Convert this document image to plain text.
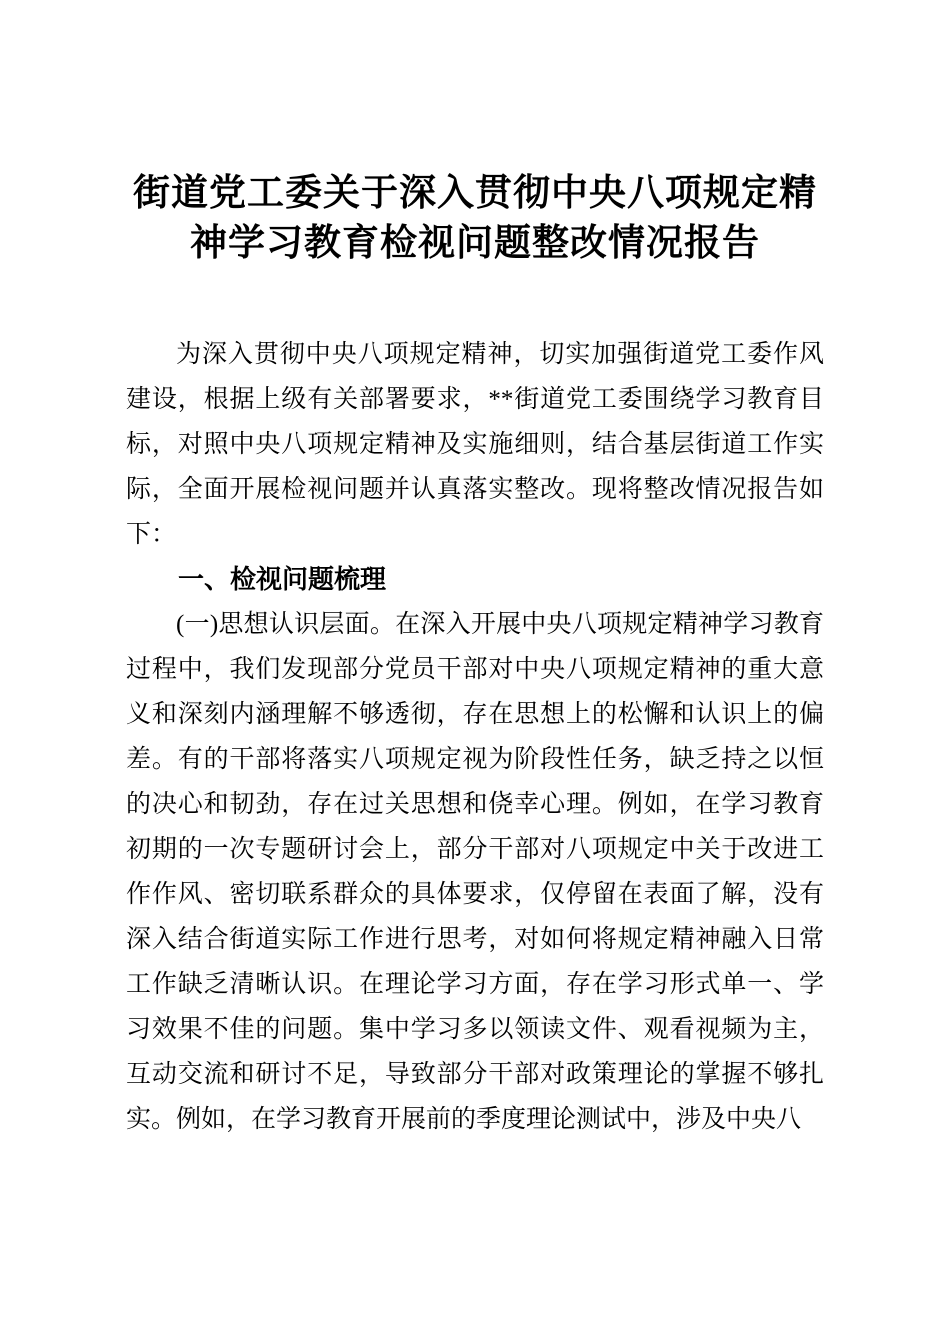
街道党工委关于深入贯彻中央八项规定精神学习教育检视问题整改情况报告

为深入贯彻中央八项规定精神，切实加强街道党工委作风建设，根据上级有关部署要求，**街道党工委围绕学习教育目标，对照中央八项规定精神及实施细则，结合基层街道工作实际，全面开展检视问题并认真落实整改。现将整改情况报告如下：

一、检视问题梳理

(一)思想认识层面。在深入开展中央八项规定精神学习教育过程中，我们发现部分党员干部对中央八项规定精神的重大意义和深刻内涵理解不够透彻，存在思想上的松懈和认识上的偏差。有的干部将落实八项规定视为阶段性任务，缺乏持之以恒的决心和韧劲，存在过关思想和侥幸心理。例如，在学习教育初期的一次专题研讨会上，部分干部对八项规定中关于改进工作作风、密切联系群众的具体要求，仅停留在表面了解，没有深入结合街道实际工作进行思考，对如何将规定精神融入日常工作缺乏清晰认识。在理论学习方面，存在学习形式单一、学习效果不佳的问题。集中学习多以领读文件、观看视频为主，互动交流和研讨不足，导致部分干部对政策理论的掌握不够扎实。例如，在学习教育开展前的季度理论测试中，涉及中央八
